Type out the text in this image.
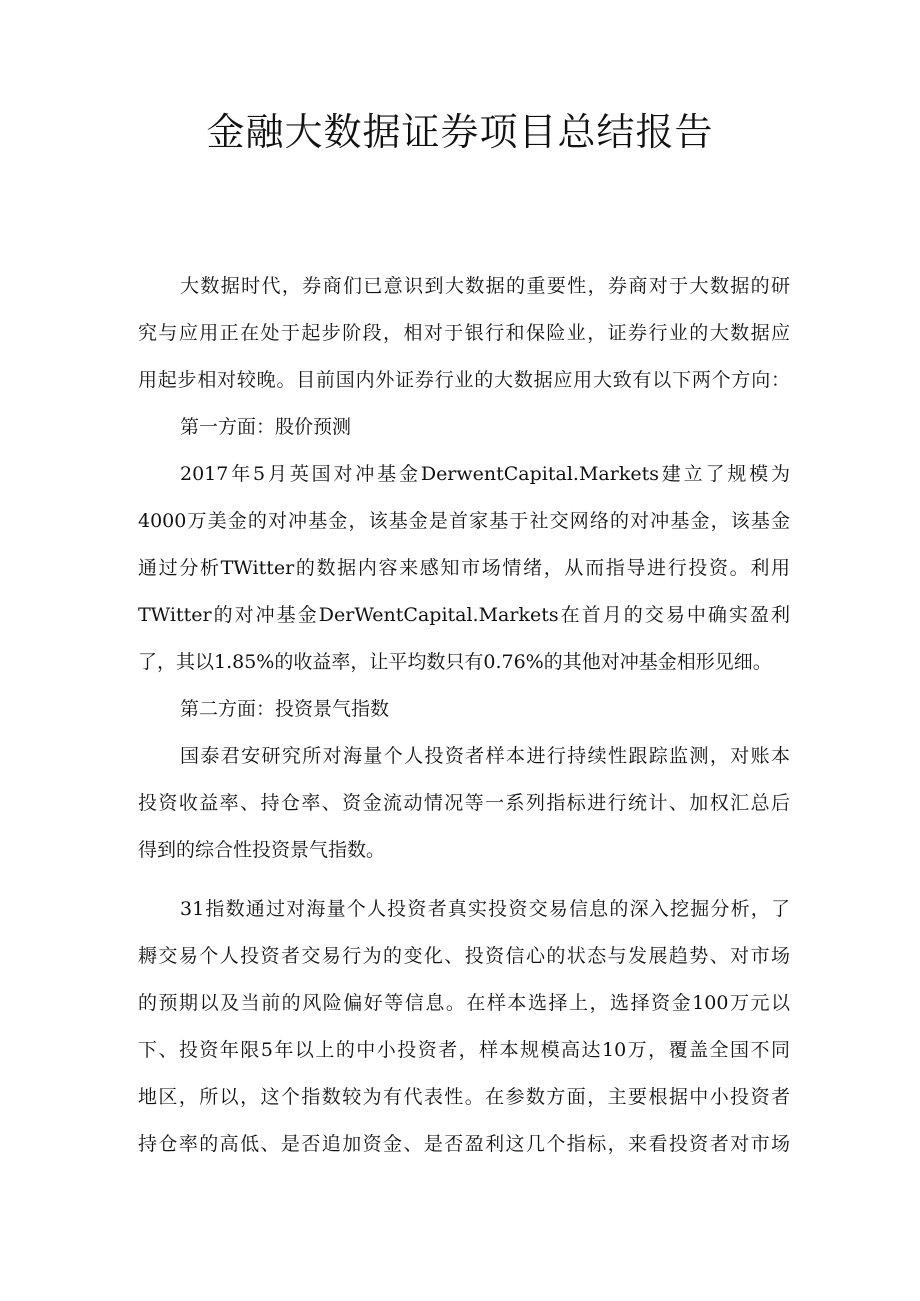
金融大数据证券项目总结报告
大数据时代，券商们已意识到大数据的重要性，券商对于大数据的研
究与应用正在处于起步阶段，相对于银行和保险业，证券行业的大数据应
用起步相对较晚。目前国内外证券行业的大数据应用大致有以下两个方向：
第一方面：股价预测
2017年5月英国对冲基金DerwentCapital.Markets建立了规模为
4000万美金的对冲基金，该基金是首家基于社交网络的对冲基金，该基金
通过分析TWitter的数据内容来感知市场情绪，从而指导进行投资。利用
TWitter的对冲基金DerWentCapital.Markets在首月的交易中确实盈利
了，其以1.85%的收益率，让平均数只有0.76%的其他对冲基金相形见细。
第二方面：投资景气指数
国泰君安研究所对海量个人投资者样本进行持续性跟踪监测，对账本
投资收益率、持仓率、资金流动情况等一系列指标进行统计、加权汇总后
得到的综合性投资景气指数。
31指数通过对海量个人投资者真实投资交易信息的深入挖掘分析，了
耨交易个人投资者交易行为的变化、投资信心的状态与发展趋势、对市场
的预期以及当前的风险偏好等信息。在样本选择上，选择资金100万元以
下、投资年限5年以上的中小投资者，样本规模高达10万，覆盖全国不同
地区，所以，这个指数较为有代表性。在参数方面，主要根据中小投资者
持仓率的高低、是否追加资金、是否盈利这几个指标，来看投资者对市场
